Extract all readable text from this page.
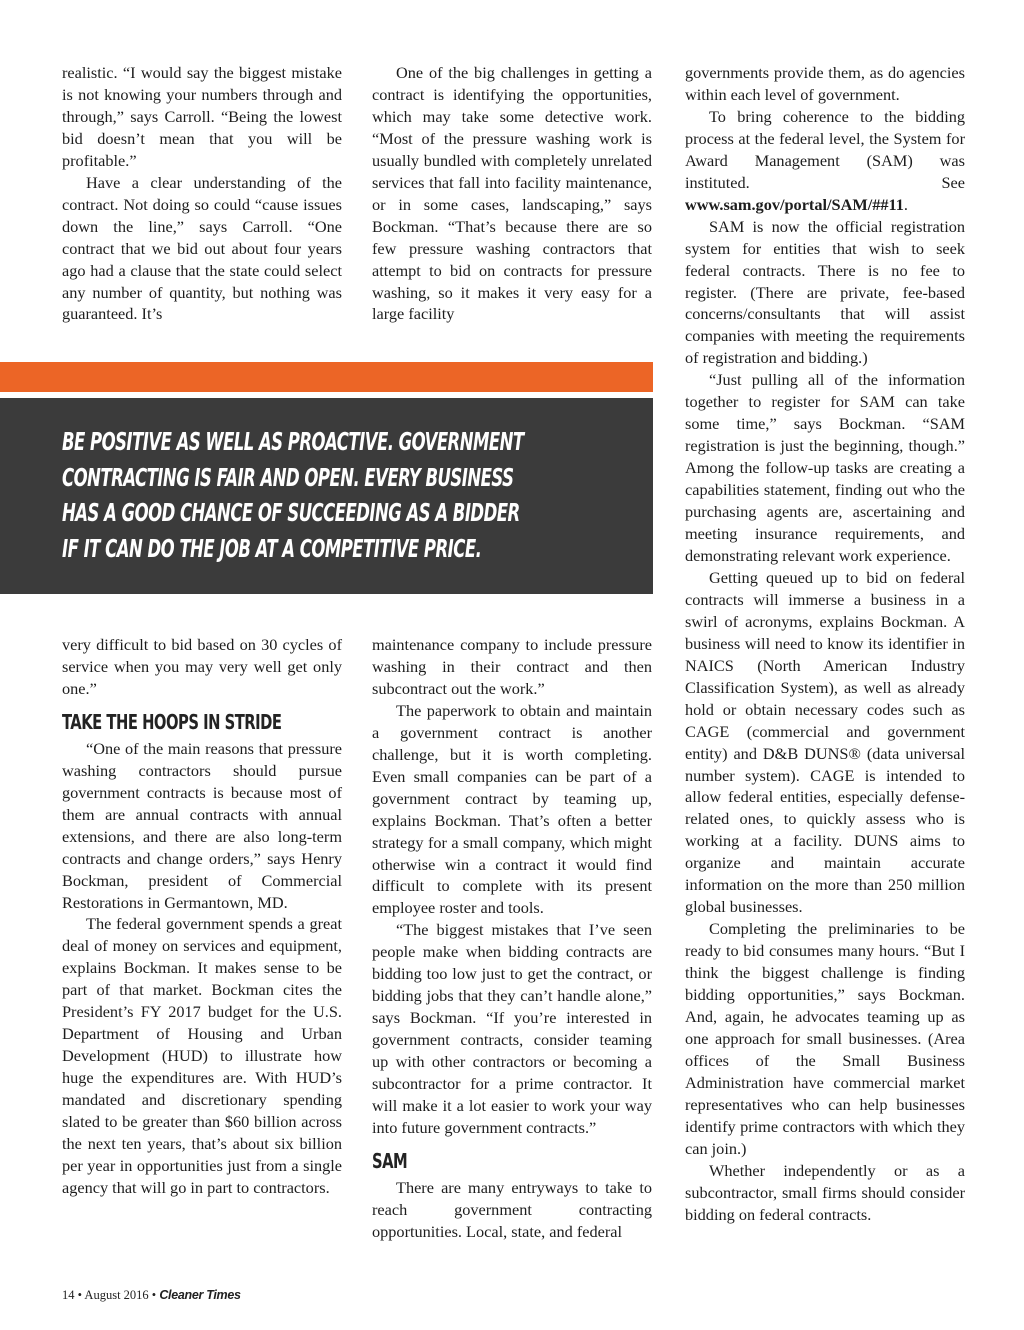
realistic. “I would say the biggest mistake is not knowing your numbers through and through,” says Carroll. “Being the lowest bid doesn’t mean that you will be profitable.”

Have a clear understanding of the contract. Not doing so could “cause issues down the line,” says Carroll. “One contract that we bid out about four years ago had a clause that the state could select any number of quantity, but nothing was guaranteed. It’s

One of the big challenges in getting a contract is identifying the opportunities, which may take some detective work. “Most of the pressure washing work is usually bundled with completely unrelated services that fall into facility maintenance, or in some cases, landscaping,” says Bockman. “That’s because there are so few pressure washing contractors that attempt to bid on contracts for pressure washing, so it makes it very easy for a large facility

governments provide them, as do agencies within each level of government.

To bring coherence to the bidding process at the federal level, the System for Award Management (SAM) was instituted. See www.sam.gov/portal/SAM/##11.

SAM is now the official registration system for entities that wish to seek federal contracts. There is no fee to register. (There are private, fee-based concerns/consultants that will assist companies with meeting the requirements of registration and bidding.)

“Just pulling all of the information together to register for SAM can take some time,” says Bockman. “SAM registration is just the beginning, though.” Among the follow-up tasks are creating a capabilities statement, finding out who the purchasing agents are, ascertaining and meeting insurance requirements, and demonstrating relevant work experience.

Getting queued up to bid on federal contracts will immerse a business in a swirl of acronyms, explains Bockman. A business will need to know its identifier in NAICS (North American Industry Classification System), as well as already hold or obtain necessary codes such as CAGE (commercial and government entity) and D&B DUNS® (data universal number system). CAGE is intended to allow federal entities, especially defense-related ones, to quickly assess who is working at a facility. DUNS aims to organize and maintain accurate information on the more than 250 million global businesses.

Completing the preliminaries to be ready to bid consumes many hours. “But I think the biggest challenge is finding bidding opportunities,” says Bockman. And, again, he advocates teaming up as one approach for small businesses. (Area offices of the Small Business Administration have commercial market representatives who can help businesses identify prime contractors with which they can join.)

Whether independently or as a subcontractor, small firms should consider bidding on federal contracts.

BE POSITIVE AS WELL AS PROACTIVE. GOVERNMENT
CONTRACTING IS FAIR AND OPEN. EVERY BUSINESS
HAS A GOOD CHANCE OF SUCCEEDING AS A BIDDER
IF IT CAN DO THE JOB AT A COMPETITIVE PRICE.

very difficult to bid based on 30 cycles of service when you may very well get only one.”

TAKE THE HOOPS IN STRIDE

“One of the main reasons that pressure washing contractors should pursue government contracts is because most of them are annual contracts with annual extensions, and there are also long-term contracts and change orders,” says Henry Bockman, president of Commercial Restorations in Germantown, MD.

The federal government spends a great deal of money on services and equipment, explains Bockman. It makes sense to be part of that market. Bockman cites the President’s FY 2017 budget for the U.S. Department of Housing and Urban Development (HUD) to illustrate how huge the expenditures are. With HUD’s mandated and discretionary spending slated to be greater than $60 billion across the next ten years, that’s about six billion per year in opportunities just from a single agency that will go in part to contractors.

maintenance company to include pressure washing in their contract and then subcontract out the work.”

The paperwork to obtain and maintain a government contract is another challenge, but it is worth completing. Even small companies can be part of a government contract by teaming up, explains Bockman. That’s often a better strategy for a small company, which might otherwise win a contract it would find difficult to complete with its present employee roster and tools.

“The biggest mistakes that I’ve seen people make when bidding contracts are bidding too low just to get the contract, or bidding jobs that they can’t handle alone,” says Bockman. “If you’re interested in government contracts, consider teaming up with other contractors or becoming a subcontractor for a prime contractor. It will make it a lot easier to work your way into future government contracts.”

SAM

There are many entryways to take to reach government contracting opportunities. Local, state, and federal

14 • August 2016 • Cleaner Times
